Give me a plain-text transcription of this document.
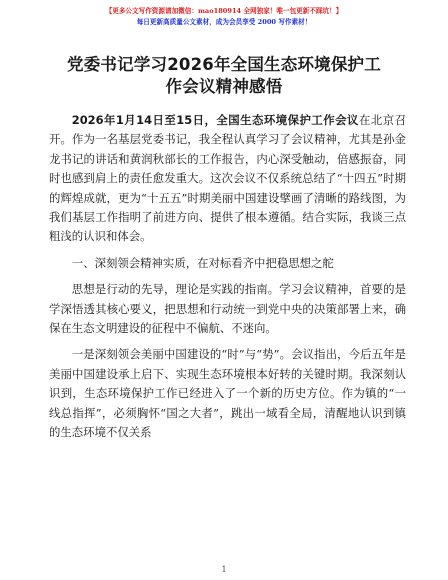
【更多公文写作资源请加微信：mao180914 全网独家！唯一包更新不踩坑！】
每日更新高质量公文素材，成为会员享受 2000 写作素材！
党委书记学习2026年全国生态环境保护工作会议精神感悟

2026年1月14日至15日，全国生态环境保护工作会议在北京召开。作为一名基层党委书记，我全程认真学习了会议精神，尤其是孙金龙书记的讲话和黄润秋部长的工作报告，内心深受触动，倍感振奋，同时也感到肩上的责任愈发重大。这次会议不仅系统总结了“十四五”时期的辉煌成就，更为“十五五”时期美丽中国建设擘画了清晰的路线图，为我们基层工作指明了前进方向、提供了根本遵循。结合实际，我谈三点粗浅的认识和体会。

一、深刻领会精神实质，在对标看齐中把稳思想之舵

思想是行动的先导，理论是实践的指南。学习会议精神，首要的是学深悟透其核心要义，把思想和行动统一到党中央的决策部署上来，确保在生态文明建设的征程中不偏航、不迷向。

一是深刻领会美丽中国建设的“时”与“势”。会议指出，今后五年是美丽中国建设承上启下、实现生态环境根本好转的关键时期。我深刻认识到，生态环境保护工作已经进入了一个新的历史方位。作为镇的“一线总指挥”，必须胸怀“国之大者”，跳出一域看全局，清醒地认识到镇的生态环境不仅关系

1
